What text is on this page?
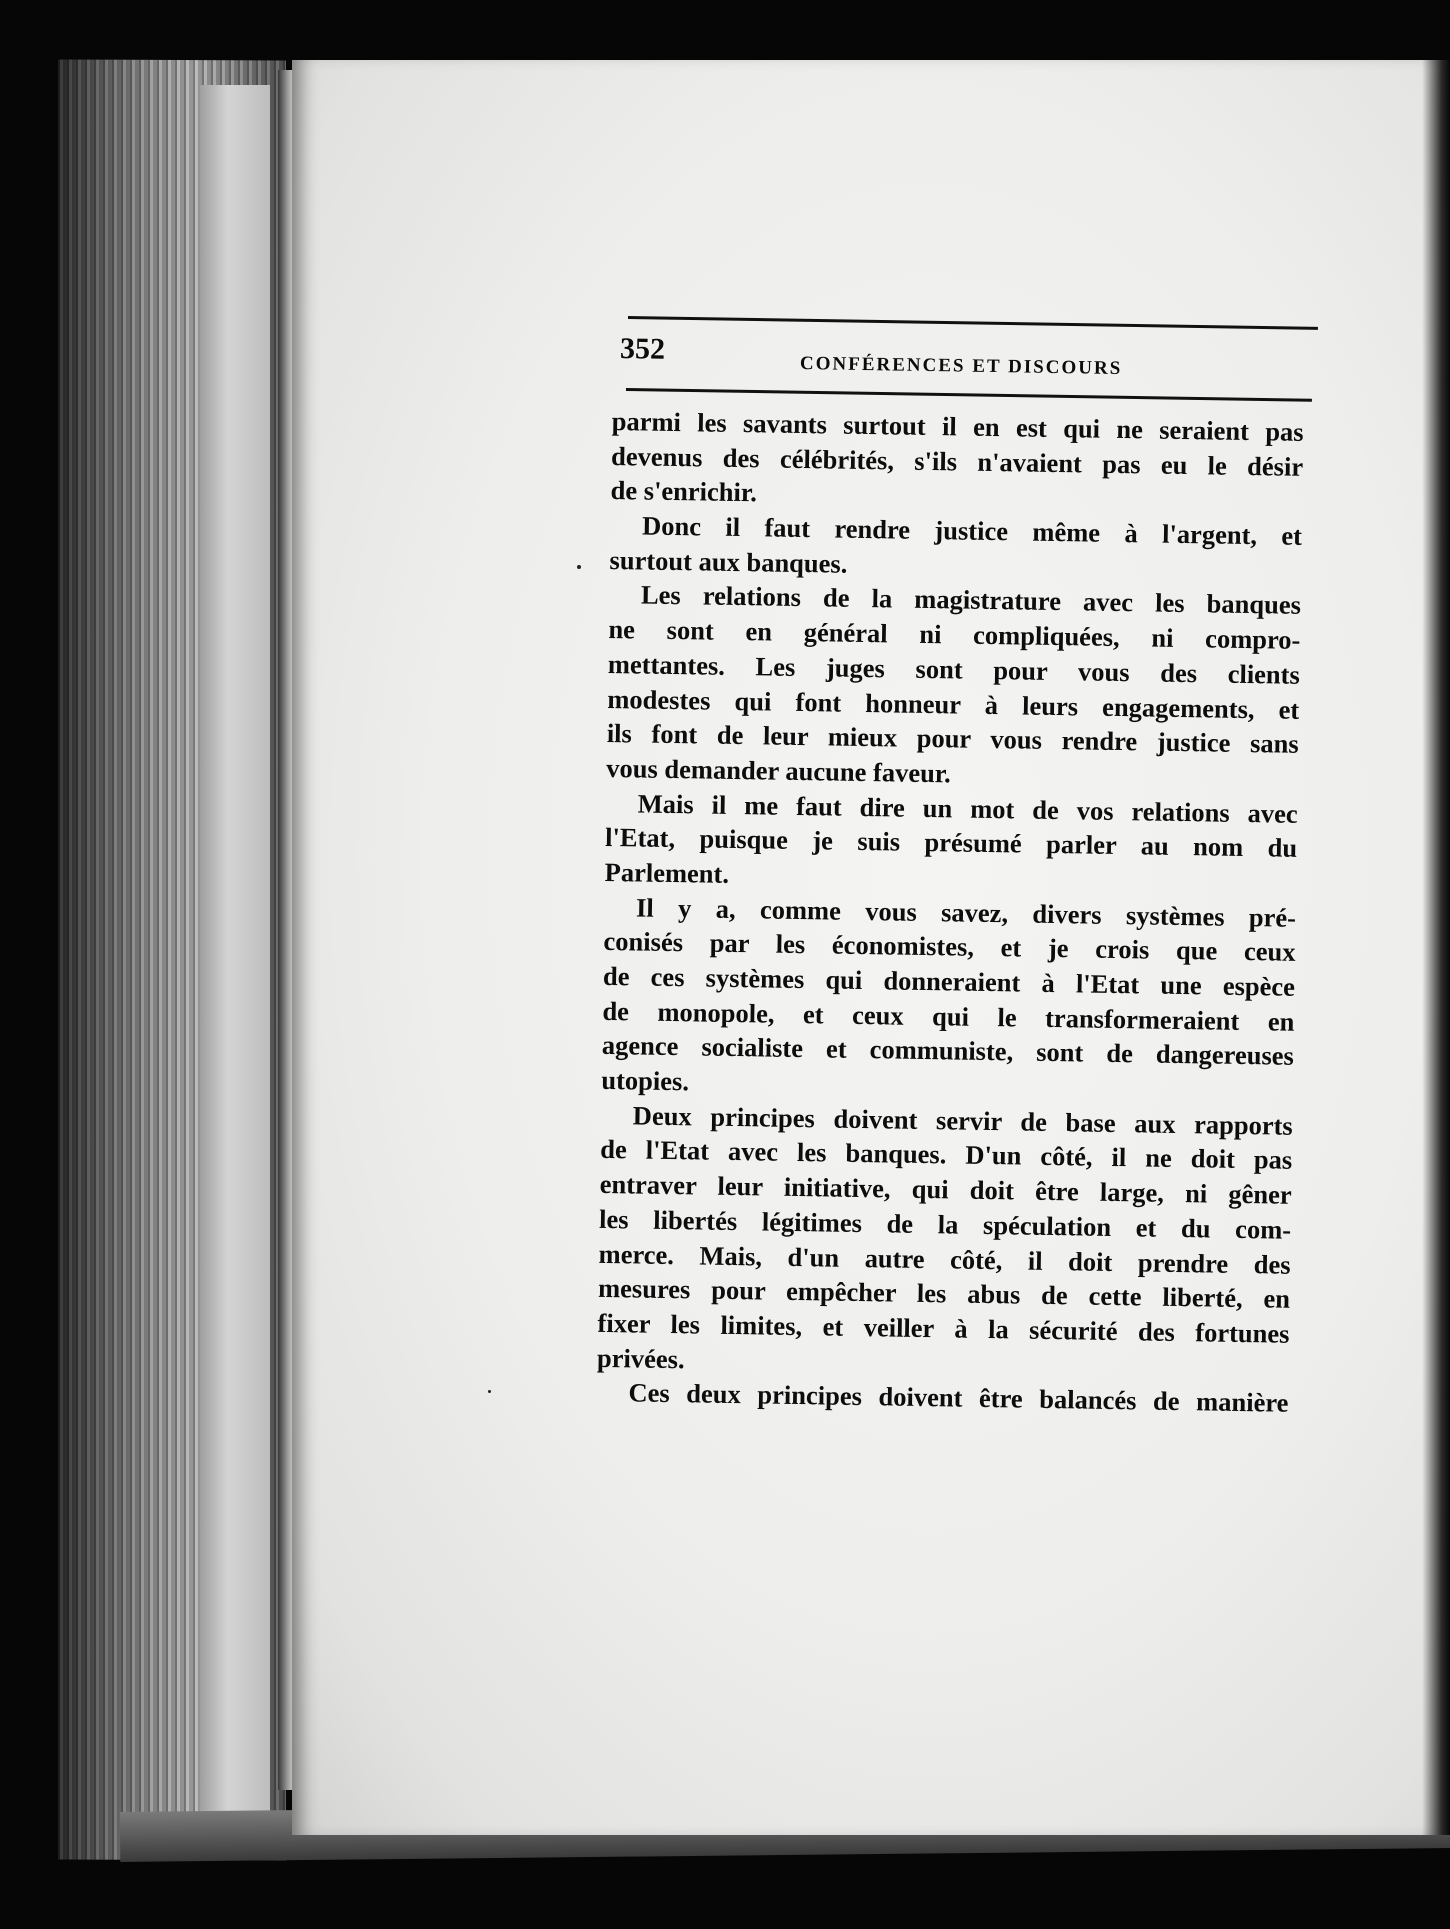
352
CONFÉRENCES ET DISCOURS
parmi les savants surtout il en est qui ne seraient pas
devenus des célébrités, s'ils n'avaient pas eu le désir
de s'enrichir.
Donc il faut rendre justice même à l'argent, et
surtout aux banques.
Les relations de la magistrature avec les banques
ne sont en général ni compliquées, ni compro-
mettantes. Les juges sont pour vous des clients
modestes qui font honneur à leurs engagements, et
ils font de leur mieux pour vous rendre justice sans
vous demander aucune faveur.
Mais il me faut dire un mot de vos relations avec
l'Etat, puisque je suis présumé parler au nom du
Parlement.
Il y a, comme vous savez, divers systèmes pré-
conisés par les économistes, et je crois que ceux
de ces systèmes qui donneraient à l'Etat une espèce
de monopole, et ceux qui le transformeraient en
agence socialiste et communiste, sont de dangereuses
utopies.
Deux principes doivent servir de base aux rapports
de l'Etat avec les banques. D'un côté, il ne doit pas
entraver leur initiative, qui doit être large, ni gêner
les libertés légitimes de la spéculation et du com-
merce. Mais, d'un autre côté, il doit prendre des
mesures pour empêcher les abus de cette liberté, en
fixer les limites, et veiller à la sécurité des fortunes
privées.
Ces deux principes doivent être balancés de manière
